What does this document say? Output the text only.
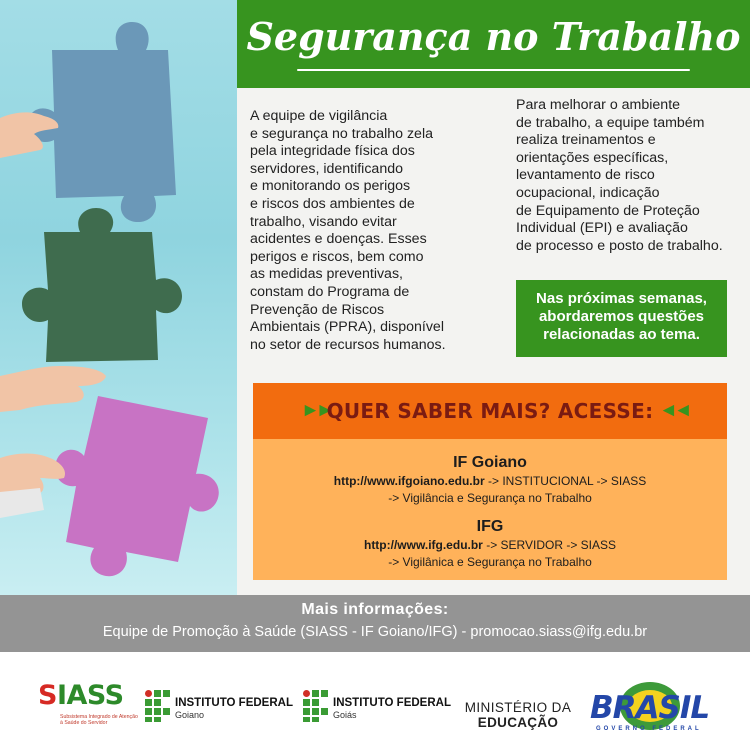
Segurança no Trabalho
A equipe de vigilância
e segurança no trabalho zela
pela integridade física dos
servidores, identificando
e monitorando os perigos
e riscos dos ambientes de
trabalho, visando evitar
acidentes e doenças. Esses
perigos e riscos, bem como
as medidas preventivas,
constam do Programa de
Prevenção de Riscos
Ambientais (PPRA), disponível
no setor de recursos humanos.
Para melhorar o ambiente
de trabalho, a equipe também
realiza treinamentos e
orientações específicas,
levantamento de risco
ocupacional, indicação
de Equipamento de Proteção
Individual (EPI) e avaliação
de processo e posto de trabalho.
Nas próximas semanas,
abordaremos questões
relacionadas ao tema.
►►
QUER SABER MAIS? ACESSE: ◄◄
IF Goiano
http://www.ifgoiano.edu.br -> INSTITUCIONAL -> SIASS
-> Vigilância e Segurança no Trabalho
IFG
http://www.ifg.edu.br -> SERVIDOR -> SIASS
-> Vigilânica e Segurança no Trabalho
Mais informações:
Equipe de Promoção à Saúde (SIASS - IF Goiano/IFG) - promocao.siass@ifg.edu.br
SIASS
Subsistema Integrado de Atenção à Saúde do Servidor
INSTITUTO FEDERAL
Goiano
INSTITUTO FEDERAL
Goiás	MINISTÉRIO DA
EDUCAÇÃO	BRASIL
GOVERNO FEDERAL
